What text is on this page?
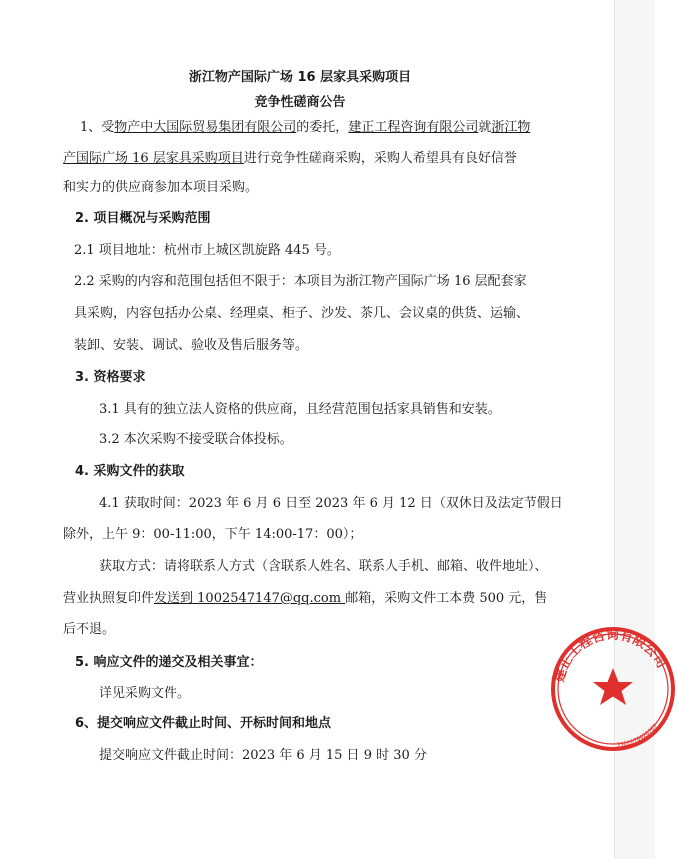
浙江物产国际广场 16 层家具采购项目
竞争性磋商公告
1、受物产中大国际贸易集团有限公司的委托，建正工程咨询有限公司就浙江物
产国际广场 16 层家具采购项目进行竞争性磋商采购，采购人希望具有良好信誉
和实力的供应商参加本项目采购。
2. 项目概况与采购范围
2.1 项目地址：杭州市上城区凯旋路 445 号。
2.2 采购的内容和范围包括但不限于：本项目为浙江物产国际广场 16 层配套家
具采购，内容包括办公桌、经理桌、柜子、沙发、茶几、会议桌的供货、运输、
装卸、安装、调试、验收及售后服务等。
3. 资格要求
3.1 具有的独立法人资格的供应商，且经营范围包括家具销售和安装。
3.2 本次采购不接受联合体投标。
4. 采购文件的获取
4.1 获取时间：2023 年 6 月 6 日至 2023 年 6 月 12 日（双休日及法定节假日
除外，上午 9：00-11:00，下午 14:00-17：00）；
获取方式：请将联系人方式（含联系人姓名、联系人手机、邮箱、收件地址）、
营业执照复印件发送到 1002547147@qq.com 邮箱，采购文件工本费 500 元，售
后不退。
5. 响应文件的递交及相关事宜：
详见采购文件。
6、提交响应文件截止时间、开标时间和地点
提交响应文件截止时间：2023 年 6 月 15 日 9 时 30 分
建正工程咨询有限公司
3301070020767
